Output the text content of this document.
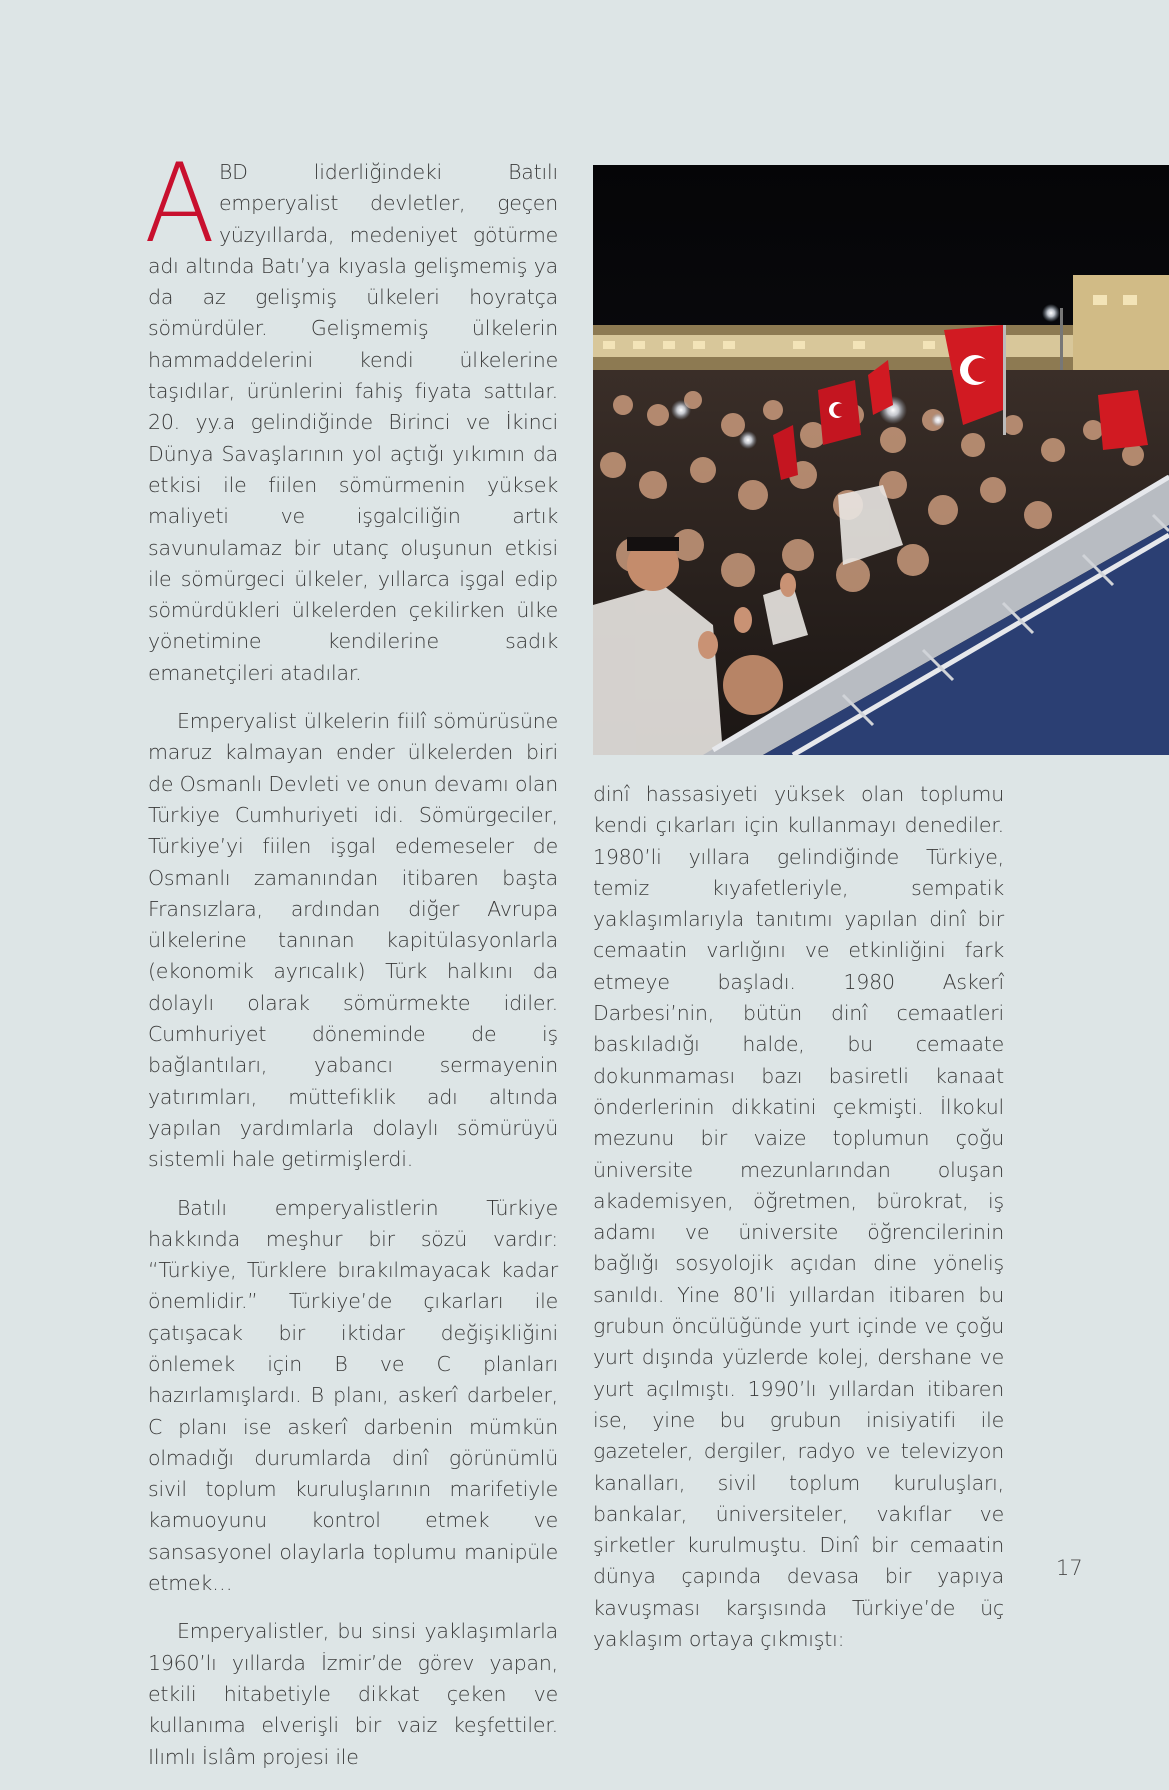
ABD liderliğindeki Batılı emperyalist devletler, geçen yüzyıllarda, medeniyet götürme adı altında Batı’ya kıyasla gelişmemiş ya da az gelişmiş ülkeleri hoyratça sömürdüler. Gelişmemiş ülkelerin hammaddelerini kendi ülkelerine taşıdılar, ürünlerini fahiş fiyata sattılar. 20. yy.a gelindiğinde Birinci ve İkinci Dünya Savaşlarının yol açtığı yıkımın da etkisi ile fiilen sömürmenin yüksek maliyeti ve işgalciliğin artık savunulamaz bir utanç oluşunun etkisi ile sömürgeci ülkeler, yıllarca işgal edip sömürdükleri ülkelerden çekilirken ülke yönetimine kendilerine sadık emanetçileri atadılar.

Emperyalist ülkelerin fiilî sömürüsüne maruz kalmayan ender ülkelerden biri de Osmanlı Devleti ve onun devamı olan Türkiye Cumhuriyeti idi. Sömürgeciler, Türkiye’yi fiilen işgal edemeseler de Osmanlı zamanından itibaren başta Fransızlara, ardından diğer Avrupa ülkelerine tanınan kapitülasyonlarla (ekonomik ayrıcalık) Türk halkını da dolaylı olarak sömürmekte idiler. Cumhuriyet döneminde de iş bağlantıları, yabancı sermayenin yatırımları, müttefiklik adı altında yapılan yardımlarla dolaylı sömürüyü sistemli hale getirmişlerdi.

Batılı emperyalistlerin Türkiye hakkında meşhur bir sözü vardır: “Türkiye, Türklere bırakılmayacak kadar önemlidir.” Türkiye’de çıkarları ile çatışacak bir iktidar değişikliğini önlemek için B ve C planları hazırlamışlardı. B planı, askerî darbeler, C planı ise askerî darbenin mümkün olmadığı durumlarda dinî görünümlü sivil toplum kuruluşlarının marifetiyle kamuoyunu kontrol etmek ve sansasyonel olaylarla toplumu manipüle etmek…

Emperyalistler, bu sinsi yaklaşımlarla 1960’lı yıllarda İzmir’de görev yapan, etkili hitabetiyle dikkat çeken ve kullanıma elverişli bir vaiz keşfettiler. Ilımlı İslâm projesi ile

dinî hassasiyeti yüksek olan toplumu kendi çıkarları için kullanmayı denediler. 1980’li yıllara gelindiğinde Türkiye, temiz kıyafetleriyle, sempatik yaklaşımlarıyla tanıtımı yapılan dinî bir cemaatin varlığını ve etkinliğini fark etmeye başladı. 1980 Askerî Darbesi’nin, bütün dinî cemaatleri baskıladığı halde, bu cemaate dokunmaması bazı basiretli kanaat önderlerinin dikkatini çekmişti. İlkokul mezunu bir vaize toplumun çoğu üniversite mezunlarından oluşan akademisyen, öğretmen, bürokrat, iş adamı ve üniversite öğrencilerinin bağlığı sosyolojik açıdan dine yöneliş sanıldı. Yine 80’li yıllardan itibaren bu grubun öncülüğünde yurt içinde ve çoğu yurt dışında yüzlerde kolej, dershane ve yurt açılmıştı. 1990’lı yıllardan itibaren ise, yine bu grubun inisiyatifi ile gazeteler, dergiler, radyo ve televizyon kanalları, sivil toplum kuruluşları, bankalar, üniversiteler, vakıflar ve şirketler kurulmuştu. Dinî bir cemaatin dünya çapında devasa bir yapıya kavuşması karşısında Türkiye’de üç yaklaşım ortaya çıkmıştı:

17
